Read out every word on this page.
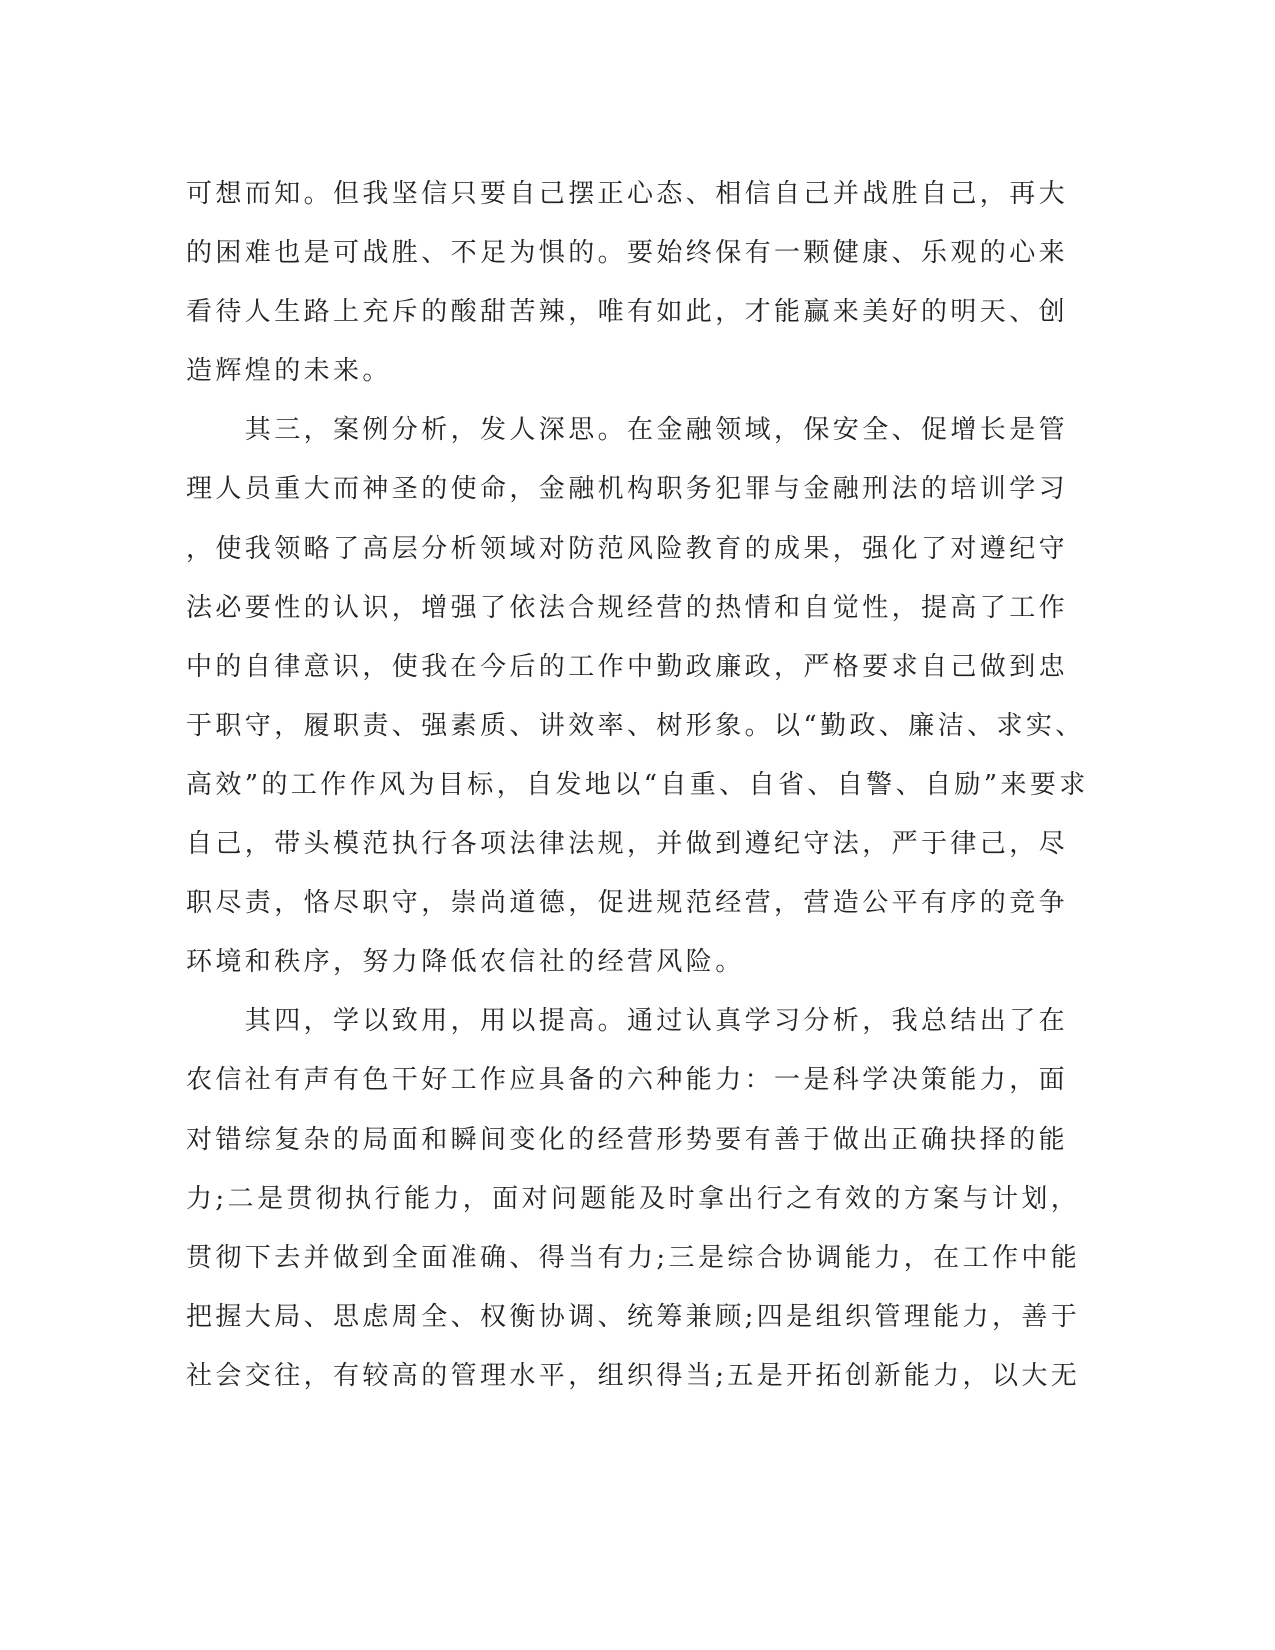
可想而知。但我坚信只要自己摆正心态、相信自己并战胜自己，再大
的困难也是可战胜、不足为惧的。要始终保有一颗健康、乐观的心来
看待人生路上充斥的酸甜苦辣，唯有如此，才能赢来美好的明天、创
造辉煌的未来。
　　其三，案例分析，发人深思。在金融领域，保安全、促增长是管
理人员重大而神圣的使命，金融机构职务犯罪与金融刑法的培训学习
，使我领略了高层分析领域对防范风险教育的成果，强化了对遵纪守
法必要性的认识，增强了依法合规经营的热情和自觉性，提高了工作
中的自律意识，使我在今后的工作中勤政廉政，严格要求自己做到忠
于职守，履职责、强素质、讲效率、树形象。以“勤政、廉洁、求实、
高效”的工作作风为目标，自发地以“自重、自省、自警、自励”来要求
自己，带头模范执行各项法律法规，并做到遵纪守法，严于律己，尽
职尽责，恪尽职守，崇尚道德，促进规范经营，营造公平有序的竞争
环境和秩序，努力降低农信社的经营风险。
　　其四，学以致用，用以提高。通过认真学习分析，我总结出了在
农信社有声有色干好工作应具备的六种能力：一是科学决策能力，面
对错综复杂的局面和瞬间变化的经营形势要有善于做出正确抉择的能
力;二是贯彻执行能力，面对问题能及时拿出行之有效的方案与计划，
贯彻下去并做到全面准确、得当有力;三是综合协调能力，在工作中能
把握大局、思虑周全、权衡协调、统筹兼顾;四是组织管理能力，善于
社会交往，有较高的管理水平，组织得当;五是开拓创新能力，以大无
